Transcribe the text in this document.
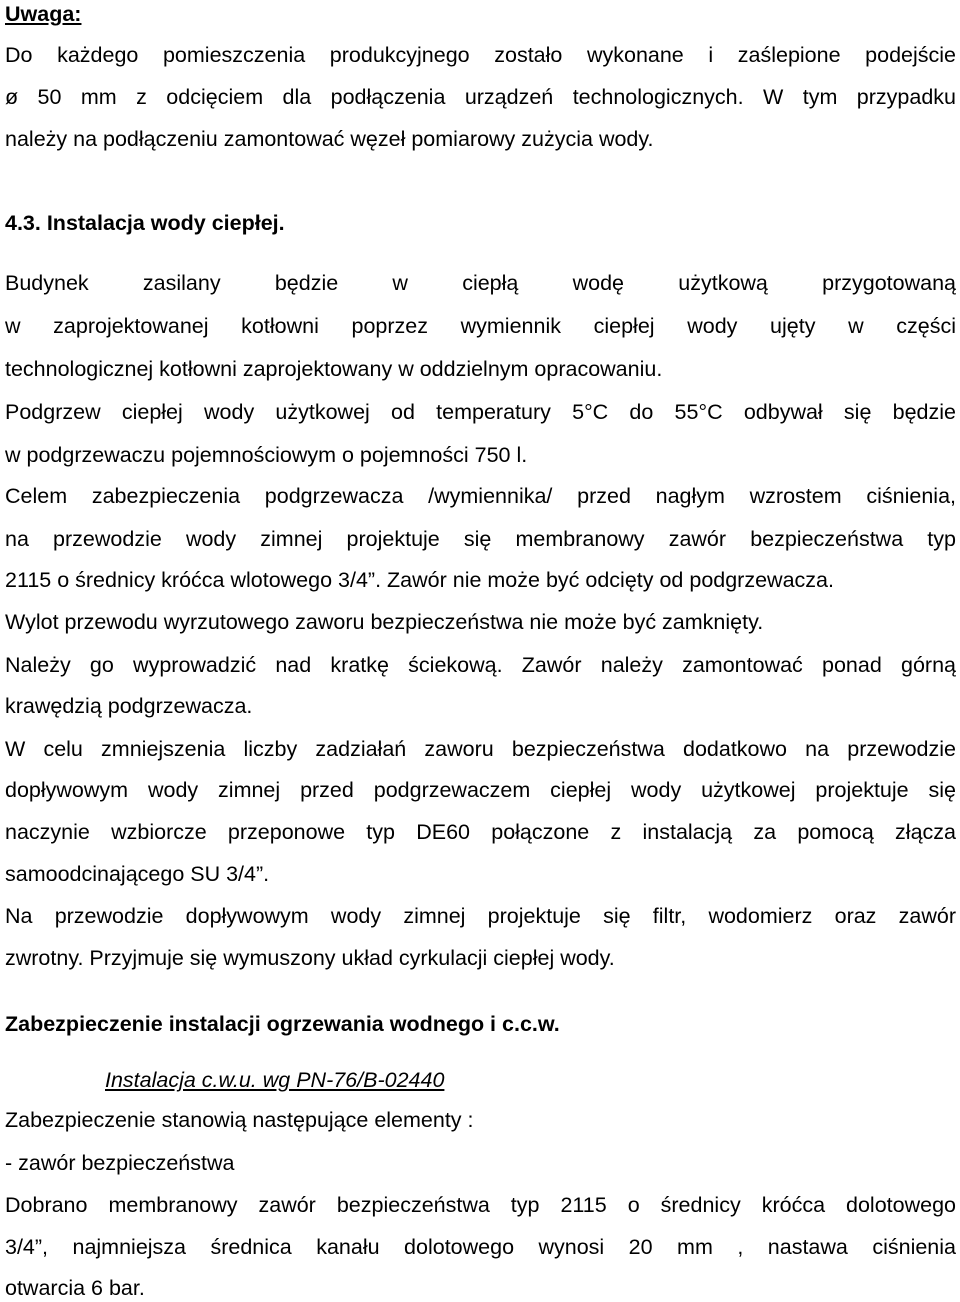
Uwaga:
Do każdego pomieszczenia produkcyjnego zostało wykonane i zaślepione podejście
ø 50 mm z odcięciem dla podłączenia urządzeń technologicznych. W tym przypadku
należy na podłączeniu zamontować węzeł pomiarowy zużycia wody.
4.3. Instalacja wody ciepłej.
Budynek zasilany będzie w ciepłą wodę użytkową przygotowaną
w zaprojektowanej kotłowni poprzez wymiennik ciepłej wody ujęty w części
technologicznej kotłowni zaprojektowany w oddzielnym opracowaniu.
Podgrzew ciepłej wody użytkowej od temperatury 5°C do 55°C odbywał się będzie
w podgrzewaczu pojemnościowym o pojemności 750 l.
Celem zabezpieczenia podgrzewacza /wymiennika/ przed nagłym wzrostem ciśnienia,
na przewodzie wody zimnej projektuje się membranowy zawór bezpieczeństwa typ
2115 o średnicy króćca wlotowego 3/4”. Zawór nie może być odcięty od podgrzewacza.
Wylot przewodu wyrzutowego zaworu bezpieczeństwa nie może być zamknięty.
Należy go wyprowadzić nad kratkę ściekową. Zawór należy zamontować ponad górną
krawędzią podgrzewacza.
W celu zmniejszenia liczby zadziałań zaworu bezpieczeństwa dodatkowo na przewodzie
dopływowym wody zimnej przed podgrzewaczem ciepłej wody użytkowej projektuje się
naczynie wzbiorcze przeponowe typ DE60 połączone z instalacją za pomocą złącza
samoodcinającego SU 3/4”.
Na przewodzie dopływowym wody zimnej projektuje się filtr, wodomierz oraz zawór
zwrotny. Przyjmuje się wymuszony układ cyrkulacji ciepłej wody.
Zabezpieczenie instalacji ogrzewania wodnego i c.c.w.
Instalacja c.w.u. wg PN-76/B-02440
Zabezpieczenie stanowią następujące elementy :
- zawór bezpieczeństwa
Dobrano membranowy zawór bezpieczeństwa typ 2115 o średnicy króćca dolotowego
3/4”, najmniejsza średnica kanału dolotowego wynosi 20 mm , nastawa ciśnienia
otwarcia 6 bar.
